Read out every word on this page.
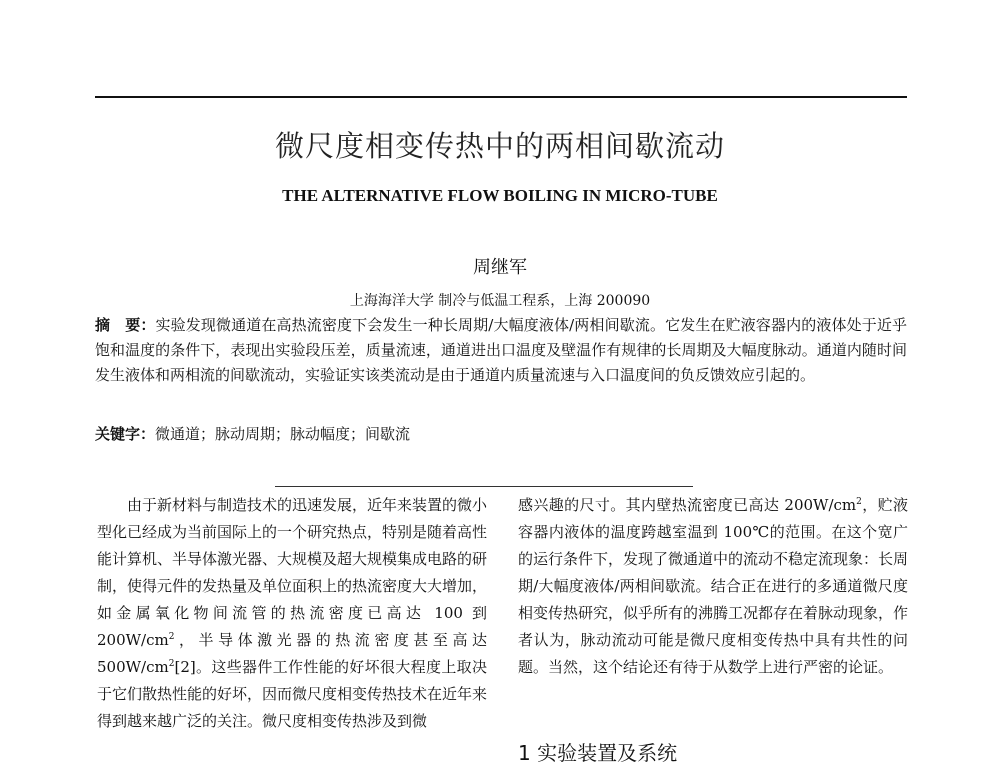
微尺度相变传热中的两相间歇流动
THE ALTERNATIVE FLOW BOILING IN MICRO-TUBE
周继军
上海海洋大学 制冷与低温工程系，上海 200090
摘　要：实验发现微通道在高热流密度下会发生一种长周期/大幅度液体/两相间歇流。它发生在贮液容器内的液体处于近乎饱和温度的条件下，表现出实验段压差，质量流速，通道进出口温度及壁温作有规律的长周期及大幅度脉动。通道内随时间发生液体和两相流的间歇流动，实验证实该类流动是由于通道内质量流速与入口温度间的负反馈效应引起的。
关键字：微通道；脉动周期；脉动幅度；间歇流
由于新材料与制造技术的迅速发展，近年来装置的微小型化已经成为当前国际上的一个研究热点，特别是随着高性能计算机、半导体激光器、大规模及超大规模集成电路的研制，使得元件的发热量及单位面积上的热流密度大大增加，如金属氧化物间流管的热流密度已高达 100 到 $200W/cm^2$，半导体激光器的热流密度甚至高达 $500W/cm^2[2]$。这些器件工作性能的好坏很大程度上取决于它们散热性能的好坏，因而微尺度相变传热技术在近年来得到越来越广泛的关注。微尺度相变传热涉及到微
感兴趣的尺寸。其内壁热流密度已高达 $200W/cm^2$，贮液容器内液体的温度跨越室温到 100℃的范围。在这个宽广的运行条件下，发现了微通道中的流动不稳定流现象：长周期/大幅度液体/两相间歇流。结合正在进行的多通道微尺度相变传热研究，似乎所有的沸腾工况都存在着脉动现象，作者认为，脉动流动可能是微尺度相变传热中具有共性的问题。当然，这个结论还有待于从数学上进行严密的论证。
1 实验装置及系统
